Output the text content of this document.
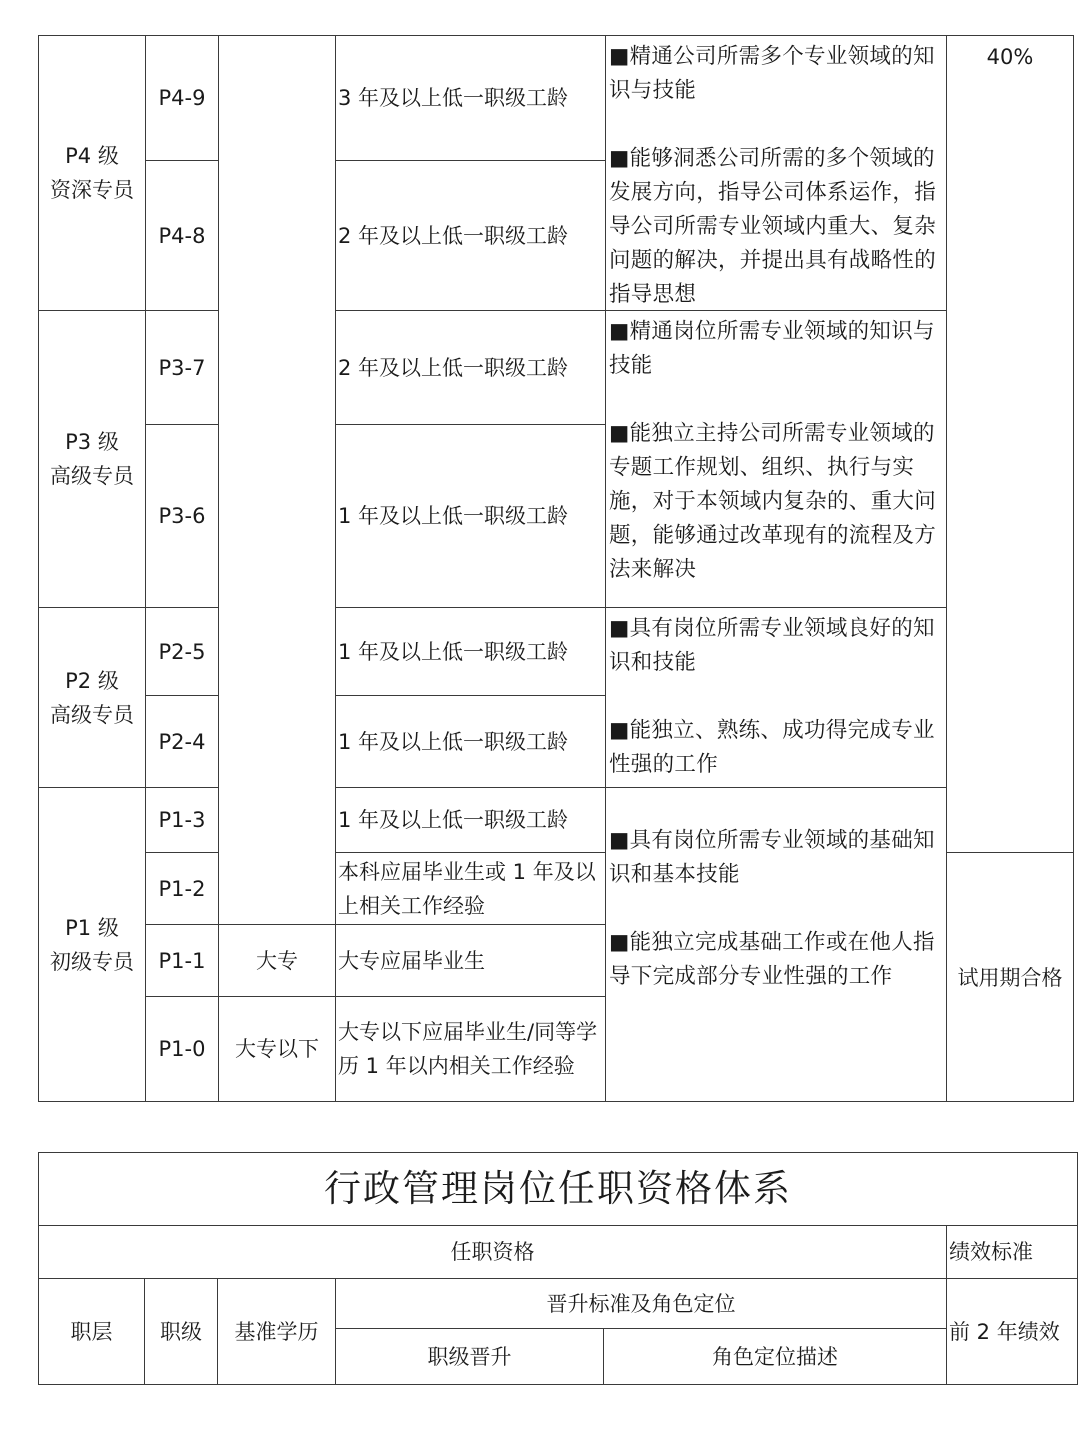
P4 级
资深专员
P3 级
高级专员
P2 级
高级专员
P1 级
初级专员
P4-9
P4-8
P3-7
P3-6
P2-5
P2-4
P1-3
P1-2
P1-1
P1-0
大专
大专以下
3 年及以上低一职级工龄
2 年及以上低一职级工龄
2 年及以上低一职级工龄
1 年及以上低一职级工龄
1 年及以上低一职级工龄
1 年及以上低一职级工龄
1 年及以上低一职级工龄
本科应届毕业生或 1 年及以上相关工作经验
大专应届毕业生
大专以下应届毕业生/同等学历 1 年以内相关工作经验

■精通公司所需多个专业领域的知识与技能

■能够洞悉公司所需的多个领域的发展方向，指导公司体系运作，指导公司所需专业领域内重大、复杂问题的解决，并提出具有战略性的指导思想

■精通岗位所需专业领域的知识与技能

■能独立主持公司所需专业领域的专题工作规划、组织、执行与实施，对于本领域内复杂的、重大问题，能够通过改革现有的流程及方法来解决

■具有岗位所需专业领域良好的知识和技能

■能独立、熟练、成功得完成专业性强的工作

■具有岗位所需专业领域的基础知识和基本技能

■能独立完成基础工作或在他人指导下完成部分专业性强的工作

40%
试用期合格
行政管理岗位任职资格体系
任职资格	绩效标准
职层 职级 基准学历
晋升标准及角色定位
职级晋升	角色定位描述
前 2 年绩效
